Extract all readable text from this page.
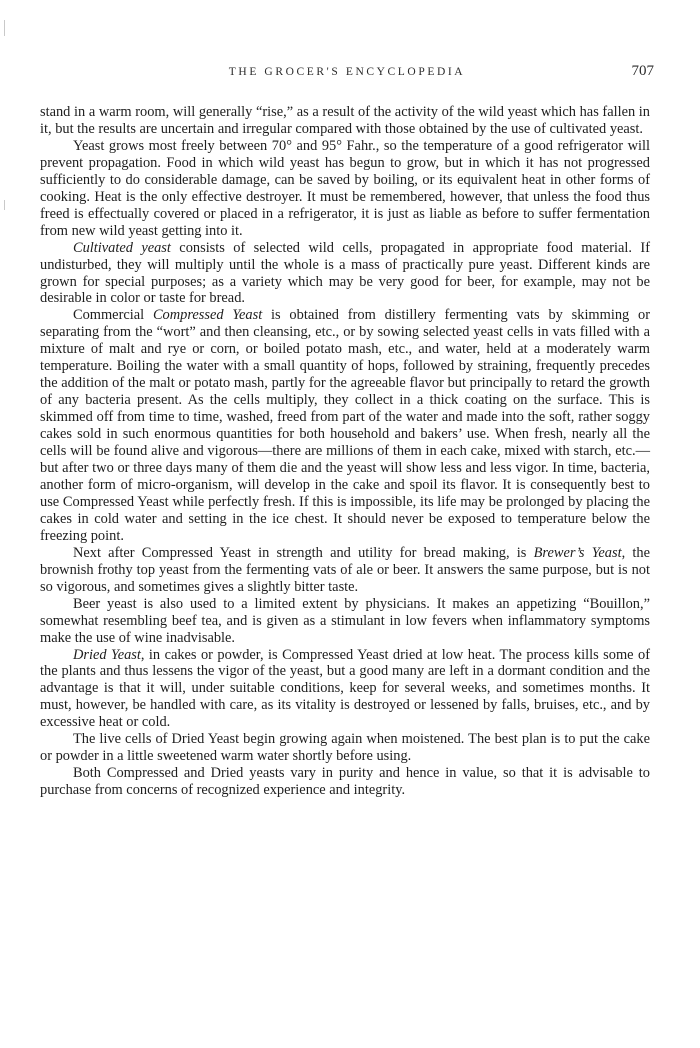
THE GROCER'S ENCYCLOPEDIA	707

stand in a warm room, will generally “rise,” as a result of the activity of the wild yeast which has fallen in it, but the results are uncertain and irregular compared with those obtained by the use of cultivated yeast.

Yeast grows most freely between 70° and 95° Fahr., so the temperature of a good refrigerator will prevent propagation. Food in which wild yeast has begun to grow, but in which it has not progressed sufficiently to do considerable damage, can be saved by boiling, or its equivalent heat in other forms of cooking. Heat is the only effective destroyer. It must be remembered, however, that unless the food thus freed is effectually covered or placed in a refrigerator, it is just as liable as before to suffer fermentation from new wild yeast getting into it.

Cultivated yeast consists of selected wild cells, propagated in appropriate food material. If undisturbed, they will multiply until the whole is a mass of practically pure yeast. Different kinds are grown for special purposes; as a variety which may be very good for beer, for example, may not be desirable in color or taste for bread.

Commercial Compressed Yeast is obtained from distillery fermenting vats by skimming or separating from the “wort” and then cleansing, etc., or by sowing selected yeast cells in vats filled with a mixture of malt and rye or corn, or boiled potato mash, etc., and water, held at a moderately warm temperature. Boiling the water with a small quantity of hops, followed by straining, frequently precedes the addition of the malt or potato mash, partly for the agreeable flavor but principally to retard the growth of any bacteria present. As the cells multiply, they collect in a thick coating on the surface. This is skimmed off from time to time, washed, freed from part of the water and made into the soft, rather soggy cakes sold in such enormous quantities for both household and bakers’ use. When fresh, nearly all the cells will be found alive and vigorous—there are millions of them in each cake, mixed with starch, etc.—but after two or three days many of them die and the yeast will show less and less vigor. In time, bacteria, another form of micro-organism, will develop in the cake and spoil its flavor. It is consequently best to use Compressed Yeast while perfectly fresh. If this is impossible, its life may be prolonged by placing the cakes in cold water and setting in the ice chest. It should never be exposed to temperature below the freezing point.

Next after Compressed Yeast in strength and utility for bread making, is Brewer’s Yeast, the brownish frothy top yeast from the fermenting vats of ale or beer. It answers the same purpose, but is not so vigorous, and sometimes gives a slightly bitter taste.

Beer yeast is also used to a limited extent by physicians. It makes an appetizing “Bouillon,” somewhat resembling beef tea, and is given as a stimulant in low fevers when inflammatory symptoms make the use of wine inadvisable.

Dried Yeast, in cakes or powder, is Compressed Yeast dried at low heat. The process kills some of the plants and thus lessens the vigor of the yeast, but a good many are left in a dormant condition and the advantage is that it will, under suitable conditions, keep for several weeks, and sometimes months. It must, however, be handled with care, as its vitality is destroyed or lessened by falls, bruises, etc., and by excessive heat or cold.

The live cells of Dried Yeast begin growing again when moistened. The best plan is to put the cake or powder in a little sweetened warm water shortly before using.

Both Compressed and Dried yeasts vary in purity and hence in value, so that it is advisable to purchase from concerns of recognized experience and integrity.
